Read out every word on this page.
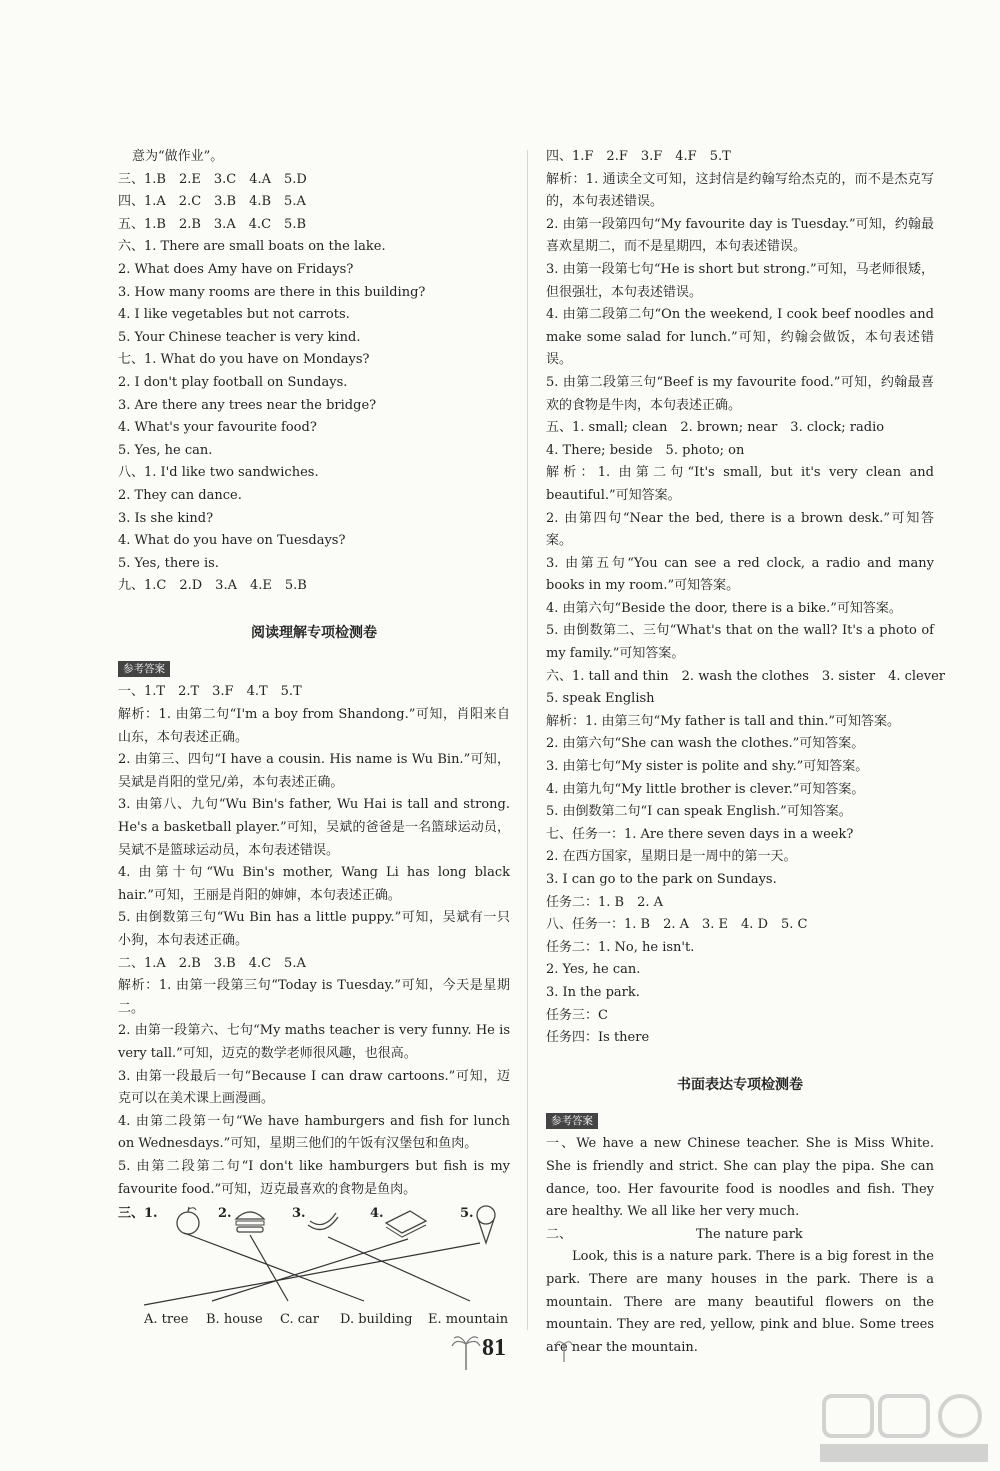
意为“做作业”。
三、1.B　2.E　3.C　4.A　5.D
四、1.A　2.C　3.B　4.B　5.A
五、1.B　2.B　3.A　4.C　5.B
六、1. There are small boats on the lake.
2. What does Amy have on Fridays?
3. How many rooms are there in this building?
4. I like vegetables but not carrots.
5. Your Chinese teacher is very kind.
七、1. What do you have on Mondays?
2. I don't play football on Sundays.
3. Are there any trees near the bridge?
4. What's your favourite food?
5. Yes, he can.
八、1. I'd like two sandwiches.
2. They can dance.
3. Is she kind?
4. What do you have on Tuesdays?
5. Yes, there is.
九、1.C　2.D　3.A　4.E　5.B
阅读理解专项检测卷
参考答案
一、1.T　2.T　3.F　4.T　5.T
解析：1. 由第二句“I'm a boy from Shandong.”可知，肖阳来自山东，本句表述正确。
2. 由第三、四句“I have a cousin. His name is Wu Bin.”可知，吴斌是肖阳的堂兄/弟，本句表述正确。
3. 由第八、九句“Wu Bin's father, Wu Hai is tall and strong. He's a basketball player.”可知，吴斌的爸爸是一名篮球运动员，吴斌不是篮球运动员，本句表述错误。
4. 由第十句“Wu Bin's mother, Wang Li has long black hair.”可知，王丽是肖阳的婶婶，本句表述正确。
5. 由倒数第三句“Wu Bin has a little puppy.”可知，吴斌有一只小狗，本句表述正确。
二、1.A　2.B　3.B　4.C　5.A
解析：1. 由第一段第三句“Today is Tuesday.”可知，今天是星期二。
2. 由第一段第六、七句“My maths teacher is very funny. He is very tall.”可知，迈克的数学老师很风趣，也很高。
3. 由第一段最后一句“Because I can draw cartoons.”可知，迈克可以在美术课上画漫画。
4. 由第二段第一句“We have hamburgers and fish for lunch on Wednesdays.”可知，星期三他们的午饭有汉堡包和鱼肉。
5. 由第二段第二句“I don't like hamburgers but fish is my favourite food.”可知，迈克最喜欢的食物是鱼肉。
三、 1.	2.	3.	4.	5.
A. tree B. house C. car D. building E. mountain
四、1.F　2.F　3.F　4.F　5.T
解析：1. 通读全文可知，这封信是约翰写给杰克的，而不是杰克写的，本句表述错误。
2. 由第一段第四句“My favourite day is Tuesday.”可知，约翰最喜欢星期二，而不是星期四，本句表述错误。
3. 由第一段第七句“He is short but strong.”可知，马老师很矮，但很强壮，本句表述错误。
4. 由第二段第二句“On the weekend, I cook beef noodles and make some salad for lunch.”可知，约翰会做饭，本句表述错误。
5. 由第二段第三句“Beef is my favourite food.”可知，约翰最喜欢的食物是牛肉，本句表述正确。
五、1. small; clean　2. brown; near　3. clock; radio
4. There; beside　5. photo; on
解析：1. 由第二句“It's small, but it's very clean and beautiful.”可知答案。
2. 由第四句“Near the bed, there is a brown desk.”可知答案。
3. 由第五句“You can see a red clock, a radio and many books in my room.”可知答案。
4. 由第六句“Beside the door, there is a bike.”可知答案。
5. 由倒数第二、三句“What's that on the wall? It's a photo of my family.”可知答案。
六、1. tall and thin　2. wash the clothes　3. sister　4. clever
5. speak English
解析：1. 由第三句“My father is tall and thin.”可知答案。
2. 由第六句“She can wash the clothes.”可知答案。
3. 由第七句“My sister is polite and shy.”可知答案。
4. 由第九句“My little brother is clever.”可知答案。
5. 由倒数第二句“I can speak English.”可知答案。
七、任务一：1. Are there seven days in a week?
2. 在西方国家，星期日是一周中的第一天。
3. I can go to the park on Sundays.
任务二：1. B　2. A
八、任务一：1. B　2. A　3. E　4. D　5. C
任务二：1. No, he isn't.
2. Yes, he can.
3. In the park.
任务三：C
任务四：Is there
书面表达专项检测卷
参考答案
一、We have a new Chinese teacher. She is Miss White. She is friendly and strict. She can play the pipa. She can dance, too. Her favourite food is noodles and fish. They are healthy. We all like her very much.
二、	The nature park
Look, this is a nature park. There is a big forest in the park. There are many houses in the park. There is a mountain. There are many beautiful flowers on the mountain. They are red, yellow, pink and blue. Some trees are near the mountain.
81
